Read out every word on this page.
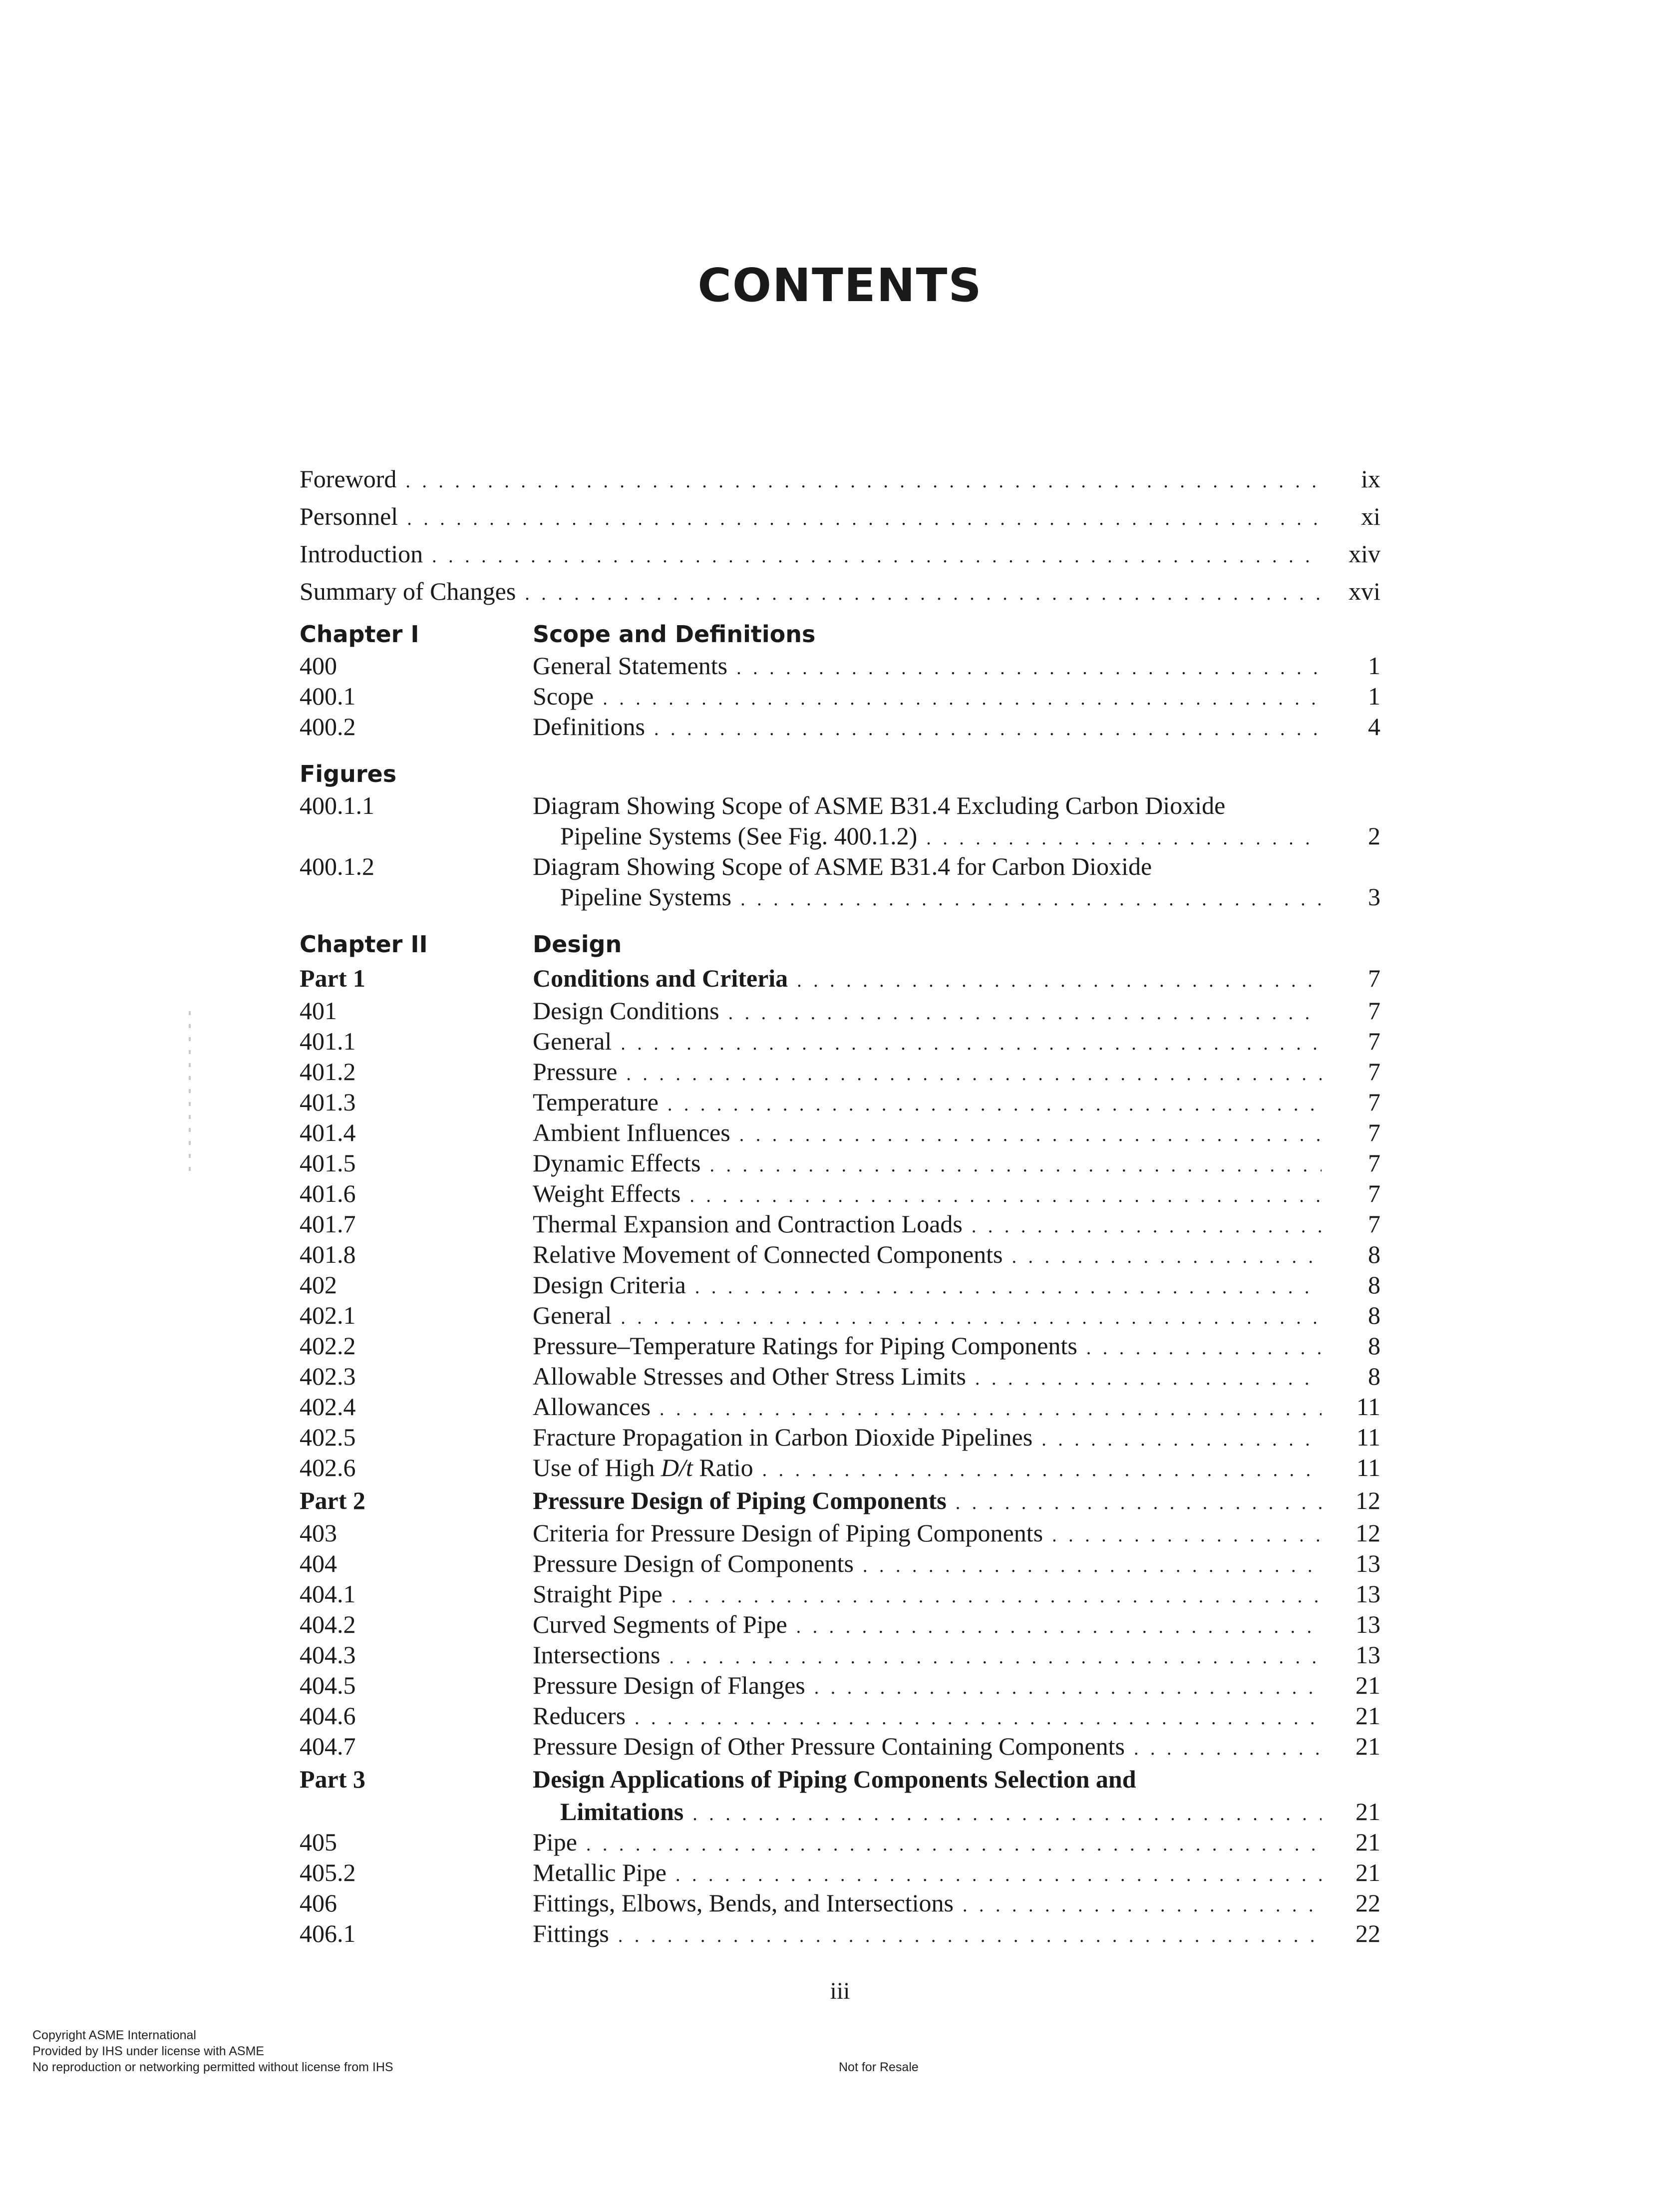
CONTENTS
Foreword . . .	ix
Personnel . . .	xi
Introduction . . .	xiv
Summary of Changes . . .	xvi
Chapter I	Scope and Definitions
400	General Statements . . .	1
400.1	Scope . . .	1
400.2	Definitions . . .	4
Figures
400.1.1	Diagram Showing Scope of ASME B31.4 Excluding Carbon Dioxide
Pipeline Systems (See Fig. 400.1.2) . . .	2
400.1.2	Diagram Showing Scope of ASME B31.4 for Carbon Dioxide
Pipeline Systems . . .	3
Chapter II	Design
Part 1	Conditions and Criteria . . .	7
401	Design Conditions . . .	7
401.1	General . . .	7
401.2	Pressure . . .	7
401.3	Temperature . . .	7
401.4	Ambient Influences . . .	7
401.5	Dynamic Effects . . .	7
401.6	Weight Effects . . .	7
401.7	Thermal Expansion and Contraction Loads . . .	7
401.8	Relative Movement of Connected Components . . .	8
402	Design Criteria . . .	8
402.1	General . . .	8
402.2	Pressure–Temperature Ratings for Piping Components . . .	8
402.3	Allowable Stresses and Other Stress Limits . . .	8
402.4	Allowances . . .	11
402.5	Fracture Propagation in Carbon Dioxide Pipelines . . .	11
402.6	Use of High D/t Ratio . . .	11
Part 2	Pressure Design of Piping Components . . .	12
403	Criteria for Pressure Design of Piping Components . . .	12
404	Pressure Design of Components . . .	13
404.1	Straight Pipe . . .	13
404.2	Curved Segments of Pipe . . .	13
404.3	Intersections . . .	13
404.5	Pressure Design of Flanges . . .	21
404.6	Reducers . . .	21
404.7	Pressure Design of Other Pressure Containing Components . . .	21
Part 3	Design Applications of Piping Components Selection and
Limitations . . .	21
405	Pipe . . .	21
405.2	Metallic Pipe . . .	21
406	Fittings, Elbows, Bends, and Intersections . . .	22
406.1	Fittings . . .	22
iii
Copyright ASME International
Provided by IHS under license with ASME
No reproduction or networking permitted without license from IHS	Not for Resale
